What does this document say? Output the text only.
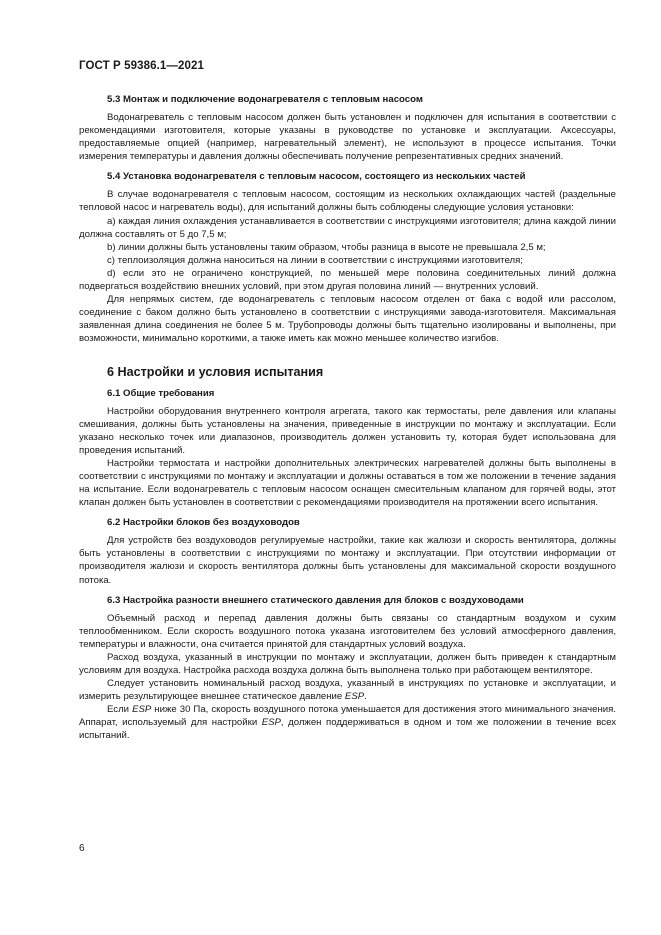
ГОСТ Р 59386.1—2021
5.3 Монтаж и подключение водонагревателя с тепловым насосом

Водонагреватель с тепловым насосом должен быть установлен и подключен для испытания в соответствии с рекомендациями изготовителя, которые указаны в руководстве по установке и эксплуатации. Аксессуары, предоставляемые опцией (например, нагревательный элемент), не используют в процессе испытания. Точки измерения температуры и давления должны обеспечивать получение репрезентативных средних значений.

5.4 Установка водонагревателя с тепловым насосом, состоящего из нескольких частей

В случае водонагревателя с тепловым насосом, состоящим из нескольких охлаждающих частей (раздельные тепловой насос и нагреватель воды), для испытаний должны быть соблюдены следующие условия установки:

a) каждая линия охлаждения устанавливается в соответствии с инструкциями изготовителя; длина каждой линии должна составлять от 5 до 7,5 м;

b) линии должны быть установлены таким образом, чтобы разница в высоте не превышала 2,5 м;

c) теплоизоляция должна наноситься на линии в соответствии с инструкциями изготовителя;

d) если это не ограничено конструкцией, по меньшей мере половина соединительных линий должна подвергаться воздействию внешних условий, при этом другая половина линий — внутренних условий.

Для непрямых систем, где водонагреватель с тепловым насосом отделен от бака с водой или рассолом, соединение с баком должно быть установлено в соответствии с инструкциями завода-изготовителя. Максимальная заявленная длина соединения не более 5 м. Трубопроводы должны быть тщательно изолированы и выполнены, при возможности, минимально короткими, а также иметь как можно меньшее количество изгибов.

6 Настройки и условия испытания
6.1 Общие требования

Настройки оборудования внутреннего контроля агрегата, такого как термостаты, реле давления или клапаны смешивания, должны быть установлены на значения, приведенные в инструкции по монтажу и эксплуатации. Если указано несколько точек или диапазонов, производитель должен установить ту, которая будет использована для проведения испытаний.

Настройки термостата и настройки дополнительных электрических нагревателей должны быть выполнены в соответствии с инструкциями по монтажу и эксплуатации и должны оставаться в том же положении в течение задания на испытание. Если водонагреватель с тепловым насосом оснащен смесительным клапаном для горячей воды, этот клапан должен быть установлен в соответствии с рекомендациями производителя на протяжении всего испытания.

6.2 Настройки блоков без воздуховодов

Для устройств без воздуховодов регулируемые настройки, такие как жалюзи и скорость вентилятора, должны быть установлены в соответствии с инструкциями по монтажу и эксплуатации. При отсутствии информации от производителя жалюзи и скорость вентилятора должны быть установлены для максимальной скорости воздушного потока.

6.3 Настройка разности внешнего статического давления для блоков с воздуховодами

Объемный расход и перепад давления должны быть связаны со стандартным воздухом и сухим теплообменником. Если скорость воздушного потока указана изготовителем без условий атмосферного давления, температуры и влажности, она считается принятой для стандартных условий воздуха.

Расход воздуха, указанный в инструкции по монтажу и эксплуатации, должен быть приведен к стандартным условиям для воздуха. Настройка расхода воздуха должна быть выполнена только при работающем вентиляторе.

Следует установить номинальный расход воздуха, указанный в инструкциях по установке и эксплуатации, и измерить результирующее внешнее статическое давление ESP.

Если ESP ниже 30 Па, скорость воздушного потока уменьшается для достижения этого минимального значения. Аппарат, используемый для настройки ESP, должен поддерживаться в одном и том же положении в течение всех испытаний.

6
